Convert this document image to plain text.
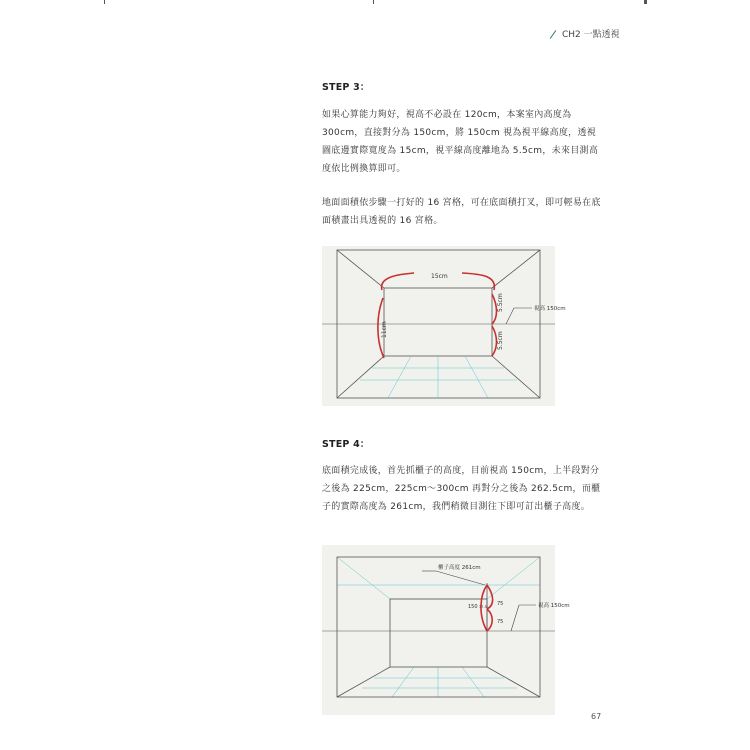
CH2 一點透視
STEP 3：
如果心算能力夠好，視高不必設在 120cm，本案室內高度為 300cm，直接對分為 150cm，將 150cm 視為視平線高度，透視圖底邊實際寬度為 15cm，視平線高度離地為 5.5cm，未來目測高度依比例換算即可。
地面面積依步驟一打好的 16 宮格，可在底面積打叉，即可輕易在底面積畫出具透視的 16 宮格。
15cm
11cm
5.5cm
5.5cm
視高 150cm
STEP 4：
底面積完成後，首先抓櫃子的高度，目前視高 150cm，上半段對分之後為 225cm，225cm～300cm 再對分之後為 262.5cm，而櫃子的實際高度為 261cm，我們稍微目測往下即可訂出櫃子高度。
櫃子高度 261cm
150 37.5 75
75
視高 150cm
67
